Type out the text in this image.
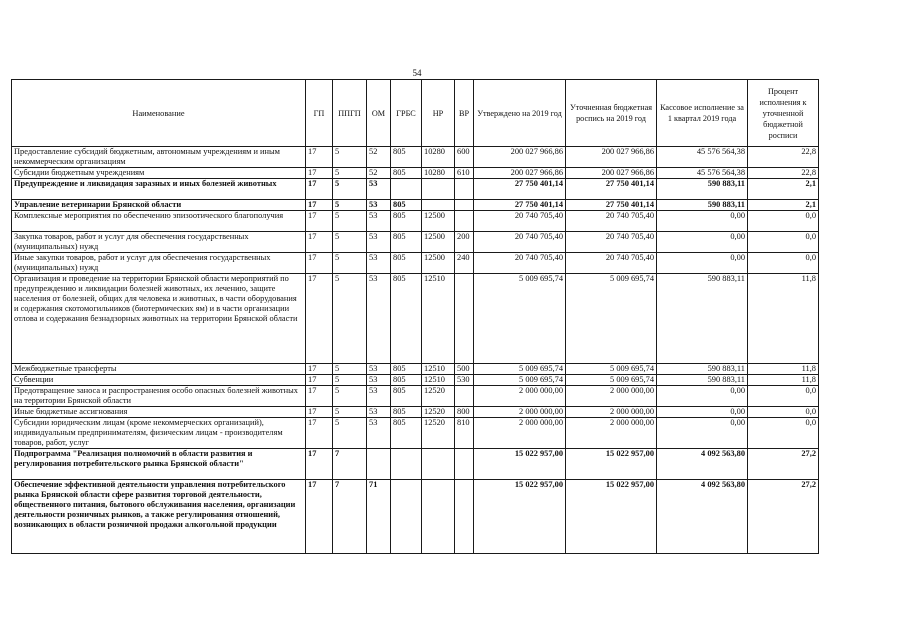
54
Наименование	ГП	ППГП	ОМ	ГРБС	НР	ВР	Утверждено на 2019 год	Уточненная бюджетная роспись на 2019 год	Кассовое исполнение за 1 квартал 2019 года	Процент исполнения к уточненной бюджетной росписи
Предоставление субсидий бюджетным, автономным учреждениям и иным некоммерческим организациям	17	5	52	805	10280	600	200 027 966,86	200 027 966,86	45 576 564,38	22,8
Субсидии бюджетным учреждениям	17	5	52	805	10280	610	200 027 966,86	200 027 966,86	45 576 564,38	22,8
Предупреждение и ликвидация заразных и иных болезней животных	17	5	53				27 750 401,14	27 750 401,14	590 883,11	2,1
Управление ветеринарии Брянской области	17	5	53	805			27 750 401,14	27 750 401,14	590 883,11	2,1
Комплексные мероприятия по обеспечению эпизоотического благополучия	17	5	53	805	12500		20 740 705,40	20 740 705,40	0,00	0,0
Закупка товаров, работ и услуг для обеспечения государственных (муниципальных) нужд	17	5	53	805	12500	200	20 740 705,40	20 740 705,40	0,00	0,0
Иные закупки товаров, работ и услуг для обеспечения государственных (муниципальных) нужд	17	5	53	805	12500	240	20 740 705,40	20 740 705,40	0,00	0,0
Организация и проведение на территории Брянской области мероприятий по предупреждению и ликвидации болезней животных, их лечению, защите населения от болезней, общих для человека и животных, в части оборудования и содержания скотомогильников (биотермических ям) и в части организации отлова и содержания безнадзорных животных на территории Брянской области	17	5	53	805	12510		5 009 695,74	5 009 695,74	590 883,11	11,8
Межбюджетные трансферты	17	5	53	805	12510	500	5 009 695,74	5 009 695,74	590 883,11	11,8
Субвенции	17	5	53	805	12510	530	5 009 695,74	5 009 695,74	590 883,11	11,8
Предотвращение заноса и распространения особо опасных болезней животных на территории Брянской области	17	5	53	805	12520		2 000 000,00	2 000 000,00	0,00	0,0
Иные бюджетные ассигнования	17	5	53	805	12520	800	2 000 000,00	2 000 000,00	0,00	0,0
Субсидии юридическим лицам (кроме некоммерческих организаций), индивидуальным предпринимателям, физическим лицам - производителям товаров, работ, услуг	17	5	53	805	12520	810	2 000 000,00	2 000 000,00	0,00	0,0
Подпрограмма "Реализация полномочий в области развития и регулирования потребительского рынка Брянской области"	17	7					15 022 957,00	15 022 957,00	4 092 563,80	27,2
Обеспечение эффективной деятельности управления потребительского рынка Брянской области сфере развития торговой деятельности, общественного питания, бытового обслуживания населения, организации деятельности розничных рынков, а также регулирования отношений, возникающих в области розничной продажи алкогольной продукции	17	7	71				15 022 957,00	15 022 957,00	4 092 563,80	27,2
